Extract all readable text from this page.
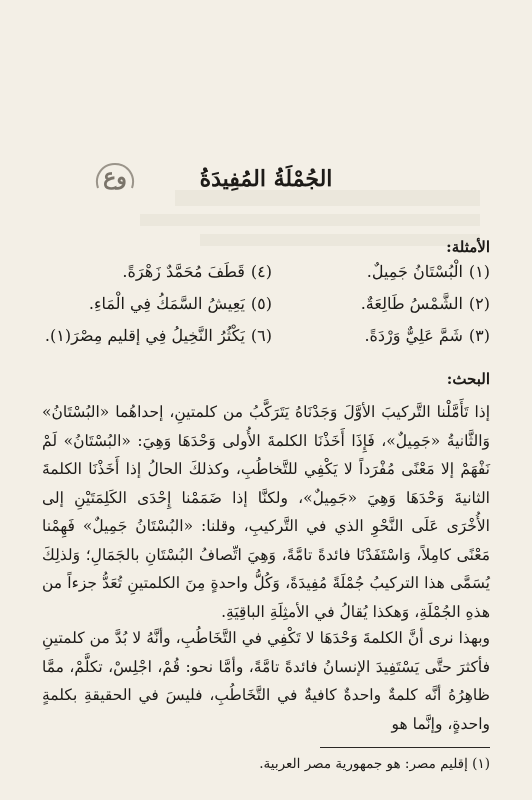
الجُمْلَةُ المُفِيدَةُ
وع
الأمثلة:
(١)الْبُسْتَانُ جَمِيلٌ.
(٤)قَطَفَ مُحَمَّدٌ زَهْرَةً.
(٢)الشَّمْسُ طَالِعَةٌ.
(٥)يَعِيشُ السَّمَكُ فِي الْمَاءِ.
(٣)شَمَّ عَلِيٌّ وَرْدَةً.
(٦)يَكْثُرُ النَّخِيلُ فِي إقليم مِصْرَ(١).
البحث:

إذا تَأَمَّلْنا التَّركيبَ الأوَّلَ وَجَدْنَاهُ يَتَرَكَّبُ من كلمتينِ، إحداهُما «البُسْتَانُ» وَالثَّانيةُ «جَمِيلٌ»، فَإِذَا أَخَذْنَا الكلمةَ الأُولى وَحْدَهَا وَهِيَ: «البُسْتَانُ» لَمْ نَفْهَمْ إلا مَعْنًى مُفْرَداً لا يَكْفِي للتَّخاطُبِ، وكذلكَ الحالُ إذا أَخَذْنَا الكلمةَ الثانيةَ وَحْدَهَا وَهِيَ «جَمِيلٌ»، ولكنَّا إذا ضَمَمْنا إِحْدَى الكَلِمَتَيْنِ إلى الأُخْرَى عَلَى النَّحْوِ الذي في التَّركيبِ، وقلنا: «البُسْتَانُ جَمِيلٌ» فَهِمْنا مَعْنًى كامِلاً، وَاسْتَفَدْنَا فائدةً تامَّةً، وَهِيَ اتِّصافُ البُسْتَانِ بالجَمَالِ؛ وَلذلِكَ يُسَمَّى هذا التركيبُ جُمْلَةً مُفِيدَةً، وَكُلُّ واحدةٍ مِنَ الكلمتينِ تُعَدُّ جزءاً من هذهِ الجُمْلَةِ، وَهكذا يُقالُ في الأمثِلَةِ الباقِيَةِ.

وبهذا نرى أنَّ الكلمةَ وَحْدَهَا لا تَكْفِي في التَّخَاطُبِ، وأنَّهُ لا بُدَّ من كلمتينِ فأكثرَ حتَّى يَسْتَفِيدَ الإنسانُ فائدةً تامَّةً، وأمَّا نحو: قُمْ، اجْلِسْ، تكلَّمْ، ممَّا ظاهِرُهُ أنَّه كلمةٌ واحدةٌ كافيةٌ في التَّخَاطُبِ، فليسَ في الحقيقةِ بكلمةٍ واحدةٍ، وإنَّما هو

(١) إقليم مصر: هو جمهورية مصر العربية.
